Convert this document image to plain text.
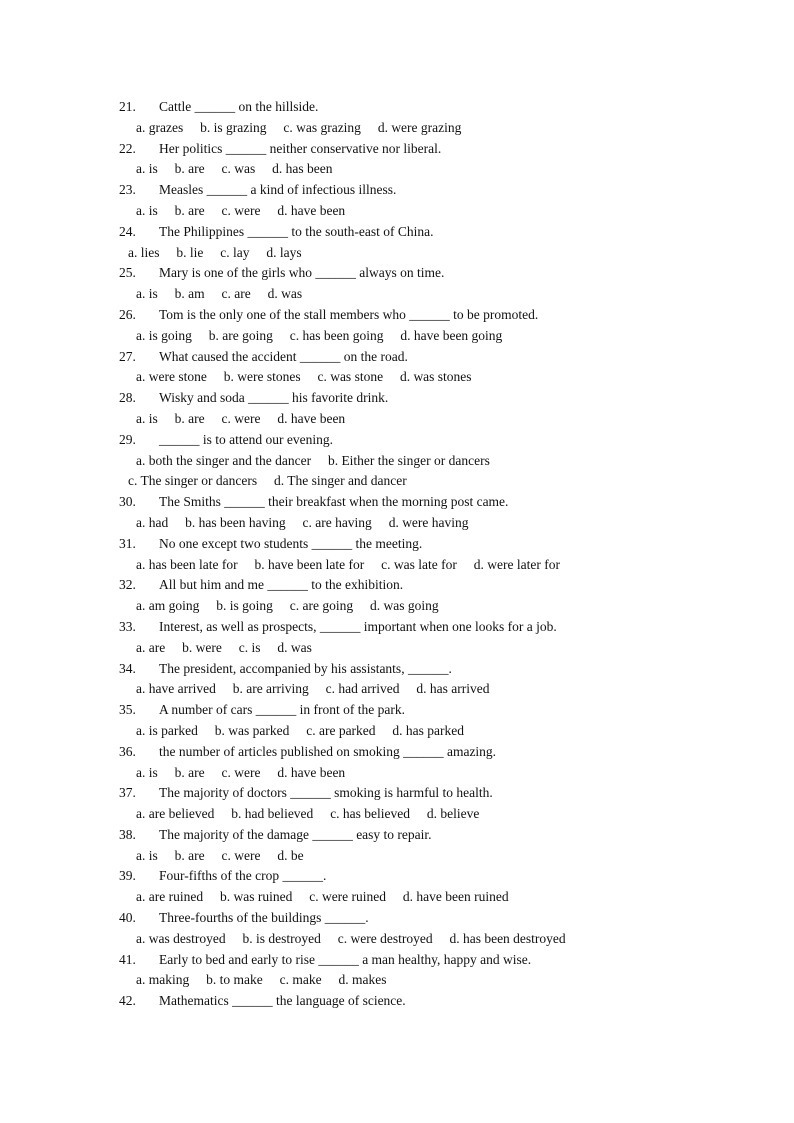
21. Cattle ______ on the hillside.
a. grazes b. is grazing c. was grazing d. were grazing
22. Her politics ______ neither conservative nor liberal.
a. is b. are c. was d. has been
23. Measles ______ a kind of infectious illness.
a. is b. are c. were d. have been
24. The Philippines ______ to the south-east of China.
a. lies b. lie c. lay d. lays
25. Mary is one of the girls who ______ always on time.
a. is b. am c. are d. was
26. Tom is the only one of the stall members who ______ to be promoted.
a. is going b. are going c. has been going d. have been going
27. What caused the accident ______ on the road.
a. were stone b. were stones c. was stone d. was stones
28. Wisky and soda ______ his favorite drink.
a. is b. are c. were d. have been
29. ______ is to attend our evening.
a. both the singer and the dancer b. Either the singer or dancers
c. The singer or dancers d. The singer and dancer
30. The Smiths ______ their breakfast when the morning post came.
a. had b. has been having c. are having d. were having
31. No one except two students ______ the meeting.
a. has been late for b. have been late for c. was late for d. were later for
32. All but him and me ______ to the exhibition.
a. am going b. is going c. are going d. was going
33. Interest, as well as prospects, ______ important when one looks for a job.
a. are b. were c. is d. was
34. The president, accompanied by his assistants, ______.
a. have arrived b. are arriving c. had arrived d. has arrived
35. A number of cars ______ in front of the park.
a. is parked b. was parked c. are parked d. has parked
36. the number of articles published on smoking ______ amazing.
a. is b. are c. were d. have been
37. The majority of doctors ______ smoking is harmful to health.
a. are believed b. had believed c. has believed d. believe
38. The majority of the damage ______ easy to repair.
a. is b. are c. were d. be
39. Four-fifths of the crop ______.
a. are ruined b. was ruined c. were ruined d. have been ruined
40. Three-fourths of the buildings ______.
a. was destroyed b. is destroyed c. were destroyed d. has been destroyed
41. Early to bed and early to rise ______ a man healthy, happy and wise.
a. making b. to make c. make d. makes
42. Mathematics ______ the language of science.
